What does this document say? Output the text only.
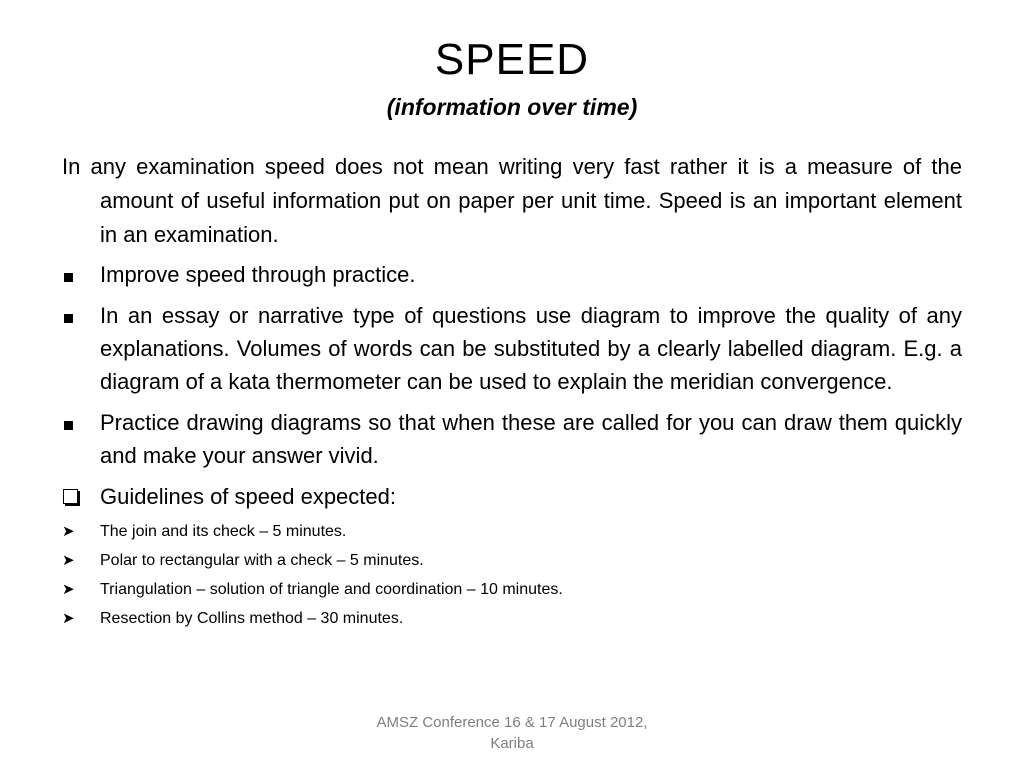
SPEED
(information over time)

In any examination speed does not mean writing very fast rather it is a measure of the amount of useful information put on paper per unit time. Speed is an important element in an examination.

Improve speed through practice.
In an essay or narrative type of questions use diagram to improve the quality of any explanations. Volumes of words can be substituted by a clearly labelled diagram. E.g. a diagram of a kata thermometer can be used to explain the meridian convergence.
Practice drawing diagrams so that when these are called for you can draw them quickly and make your answer vivid.
Guidelines of speed expected:
➤	The join and its check – 5 minutes.
➤	Polar to rectangular with a check – 5 minutes.
➤	Triangulation – solution of triangle and coordination – 10 minutes.
➤	Resection by Collins method – 30 minutes.
AMSZ Conference 16 & 17 August 2012, Kariba
